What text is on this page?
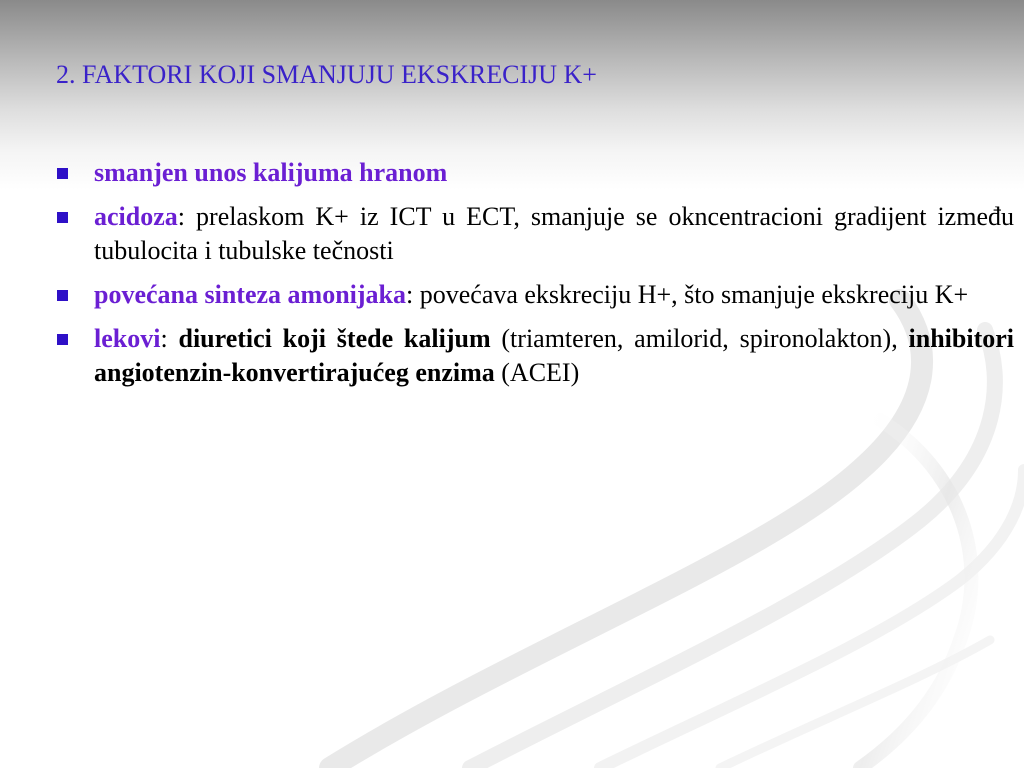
2. FAKTORI KOJI SMANJUJU EKSKRECIJU K+
smanjen unos kalijuma hranom
acidoza: prelaskom K+ iz ICT u ECT, smanjuje se okncentracioni gradijent između tubulocita i tubulske tečnosti
povećana sinteza amonijaka: povećava ekskreciju H+, što smanjuje ekskreciju K+
lekovi: diuretici koji štede kalijum (triamteren, amilorid, spironolakton), inhibitori angiotenzin-konvertirajućeg enzima (ACEI)
